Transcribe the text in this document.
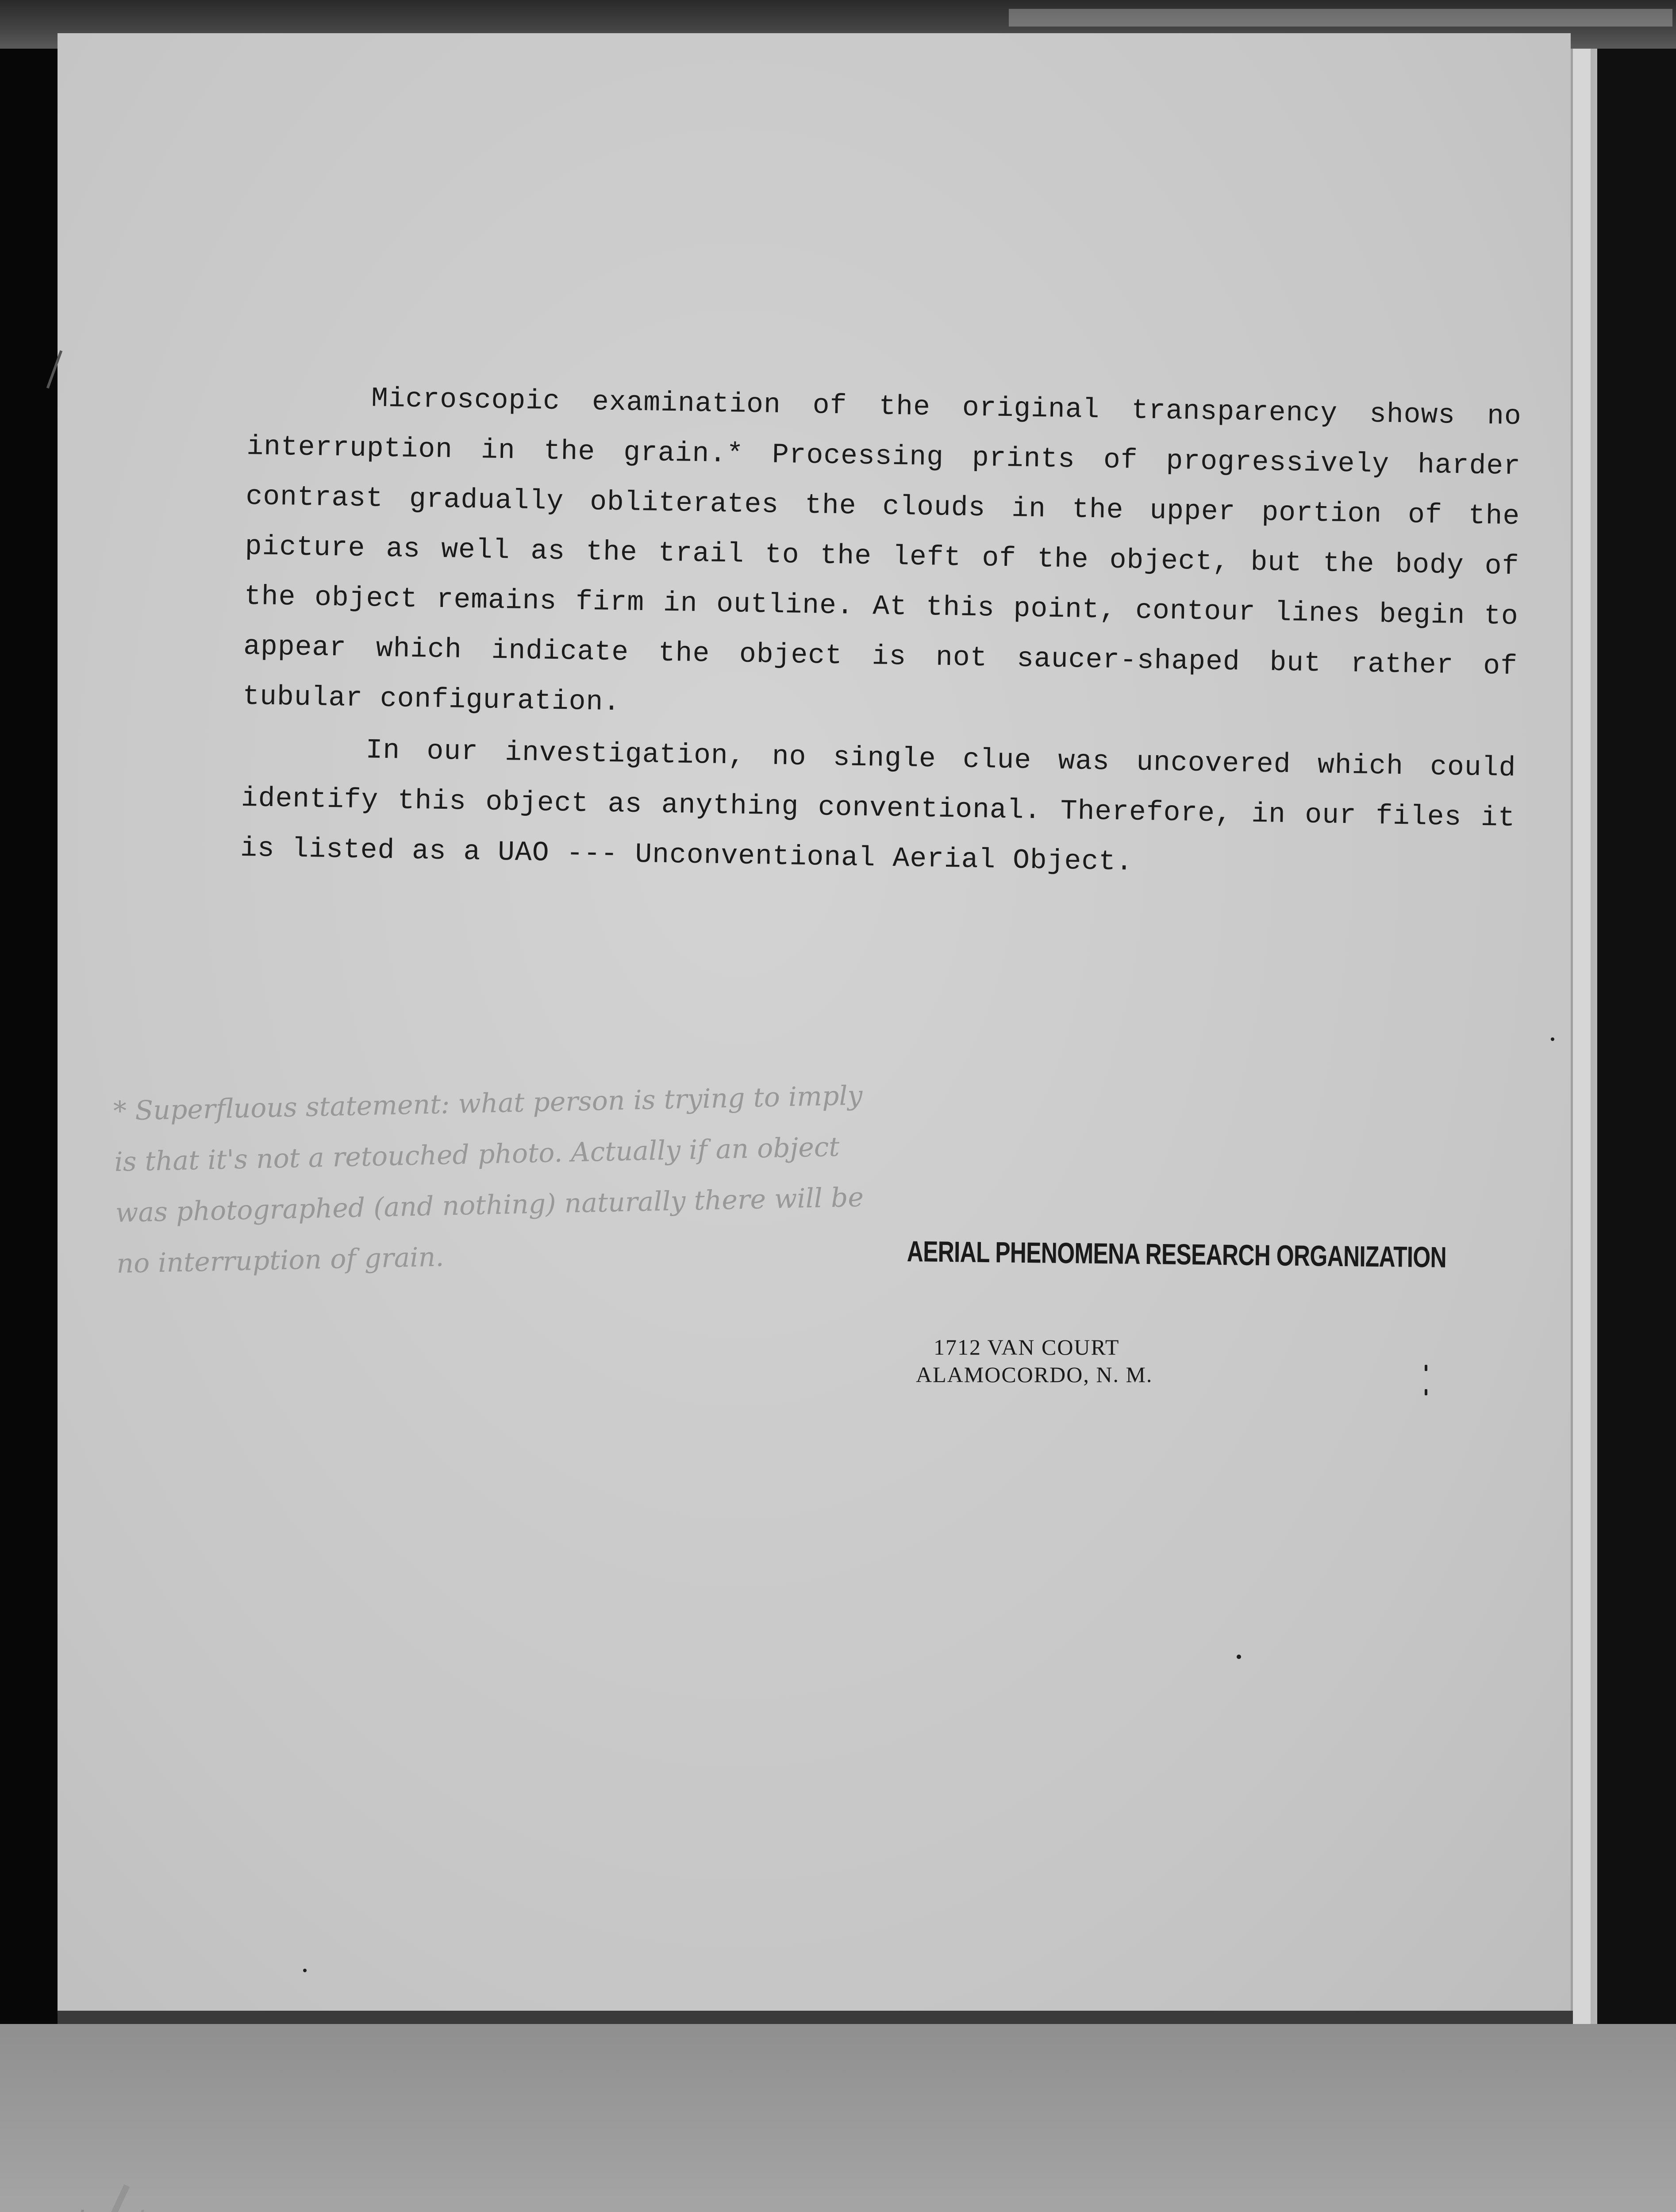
Microscopic examination of the original transparency shows no interruption in the grain.* Processing prints of progressively harder contrast gradually obliterates the clouds in the upper portion of the picture as well as the trail to the left of the object, but the body of the object remains firm in outline. At this point, contour lines begin to appear which indicate the object is not saucer-shaped but rather of tubular configuration.

In our investigation, no single clue was uncovered which could identify this object as anything conventional. Therefore, in our files it is listed as a UAO --- Unconventional Aerial Object.

* Superfluous statement: what person is trying to imply is that it's not a retouched photo. Actually if an object was photographed (and nothing) naturally there will be no interruption of grain.	AERIAL PHENOMENA RESEARCH ORGANIZATION
1712 VAN COURT
ALAMOCORDO, N. M.
